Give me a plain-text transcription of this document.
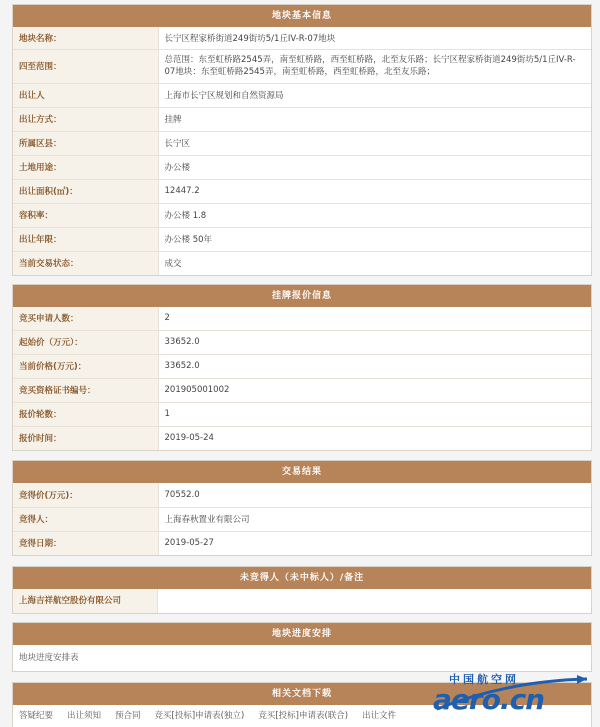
地块基本信息
地块名称：	长宁区程家桥街道249街坊5/1丘IV-R-07地块
四至范围：	总范围：东至虹桥路2545弄，南至虹桥路，西至虹桥路，北至友乐路；长宁区程家桥街道249街坊5/1丘IV-R-07地块：东至虹桥路2545弄，南至虹桥路，西至虹桥路，北至友乐路；
出让人	上海市长宁区规划和自然资源局
出让方式：	挂牌
所属区县：	长宁区
土地用途：	办公楼
出让面积(㎡)：	12447.2
容积率：	办公楼 1.8
出让年限：	办公楼 50年
当前交易状态：	成交
挂牌报价信息
竞买申请人数：	2
起始价（万元）：	33652.0
当前价格(万元)：	33652.0
竞买资格证书编号：	201905001002
报价轮数：	1
报价时间：	2019-05-24
交易结果
竞得价(万元)：	70552.0
竞得人：	上海春秋置业有限公司
竞得日期：	2019-05-27
未竞得人（未中标人）/备注
上海吉祥航空股份有限公司
地块进度安排
地块进度安排表
相关文档下载
答疑纪要 出让须知 预合同 竞买[投标]申请表(独立) 竞买[投标]申请表(联合) 出让文件
中国航空网
aero.cn
